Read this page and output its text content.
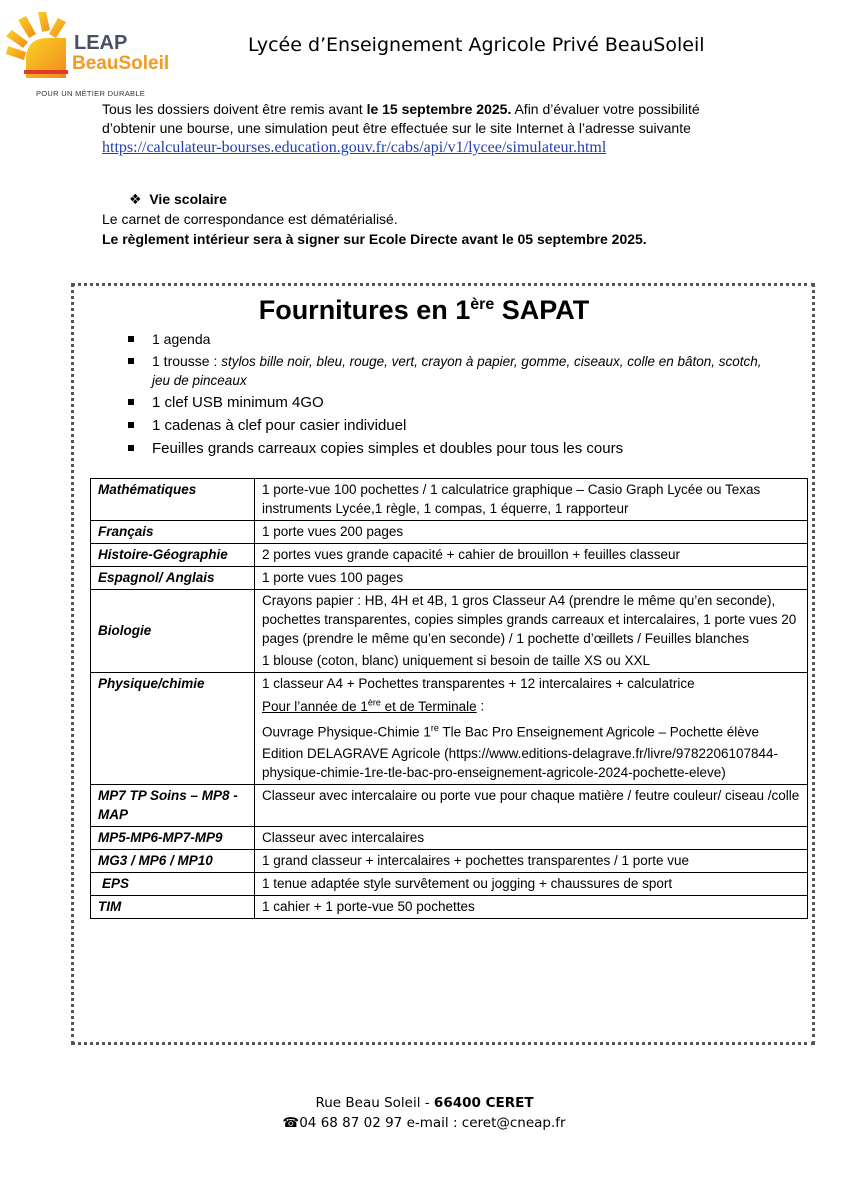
LEAP
BeauSoleil
POUR UN MÉTIER DURABLE
Lycée d’Enseignement Agricole Privé BeauSoleil
Tous les dossiers doivent être remis avant le 15 septembre 2025. Afin d’évaluer votre possibilité d’obtenir une bourse, une simulation peut être effectuée sur le site Internet à l’adresse suivante
https://calculateur-bourses.education.gouv.fr/cabs/api/v1/lycee/simulateur.html
❖  Vie scolaire
Le carnet de correspondance est dématérialisé.
Le règlement intérieur sera à signer sur Ecole Directe avant le 05 septembre 2025.
Fournitures en 1ère SAPAT
1 agenda
1 trousse : stylos bille noir, bleu, rouge, vert, crayon à papier, gomme, ciseaux, colle en bâton, scotch, jeu de pinceaux
1 clef USB minimum 4GO
1 cadenas à clef pour casier individuel
Feuilles grands carreaux copies simples et doubles pour tous les cours
Mathématiques	1 porte-vue 100 pochettes / 1 calculatrice graphique – Casio Graph Lycée ou Texas instruments Lycée,1 règle, 1 compas, 1 équerre, 1 rapporteur
Français	1 porte vues 200 pages
Histoire-Géographie	2 portes vues grande capacité + cahier de brouillon + feuilles classeur
Espagnol/ Anglais	1 porte vues 100 pages
Biologie	Crayons papier : HB, 4H et 4B, 1 gros Classeur A4 (prendre le même qu’en seconde), pochettes transparentes, copies simples grands carreaux et intercalaires, 1 porte vues 20 pages (prendre le même qu’en seconde) / 1 pochette d’œillets / Feuilles blanches

1 blouse (coton, blanc) uniquement si besoin de taille XS ou XXL

Physique/chimie	1 classeur A4 + Pochettes transparentes + 12 intercalaires + calculatrice

Pour l’année de 1ère et de Terminale :

Ouvrage Physique-Chimie 1re Tle Bac Pro Enseignement Agricole – Pochette élève

Edition DELAGRAVE Agricole (https://www.editions-delagrave.fr/livre/9782206107844-physique-chimie-1re-tle-bac-pro-enseignement-agricole-2024-pochette-eleve)

MP7 TP Soins – MP8 - MAP	Classeur avec intercalaire ou porte vue pour chaque matière / feutre couleur/ ciseau /colle
MP5-MP6-MP7-MP9	Classeur avec intercalaires
MG3 / MP6 / MP10	1 grand classeur + intercalaires + pochettes transparentes / 1 porte vue
EPS	1 tenue adaptée style survêtement ou jogging + chaussures de sport
TIM	1 cahier + 1 porte-vue 50 pochettes
Rue Beau Soleil - 66400 CERET
☎04 68 87 02 97 e-mail : ceret@cneap.fr
